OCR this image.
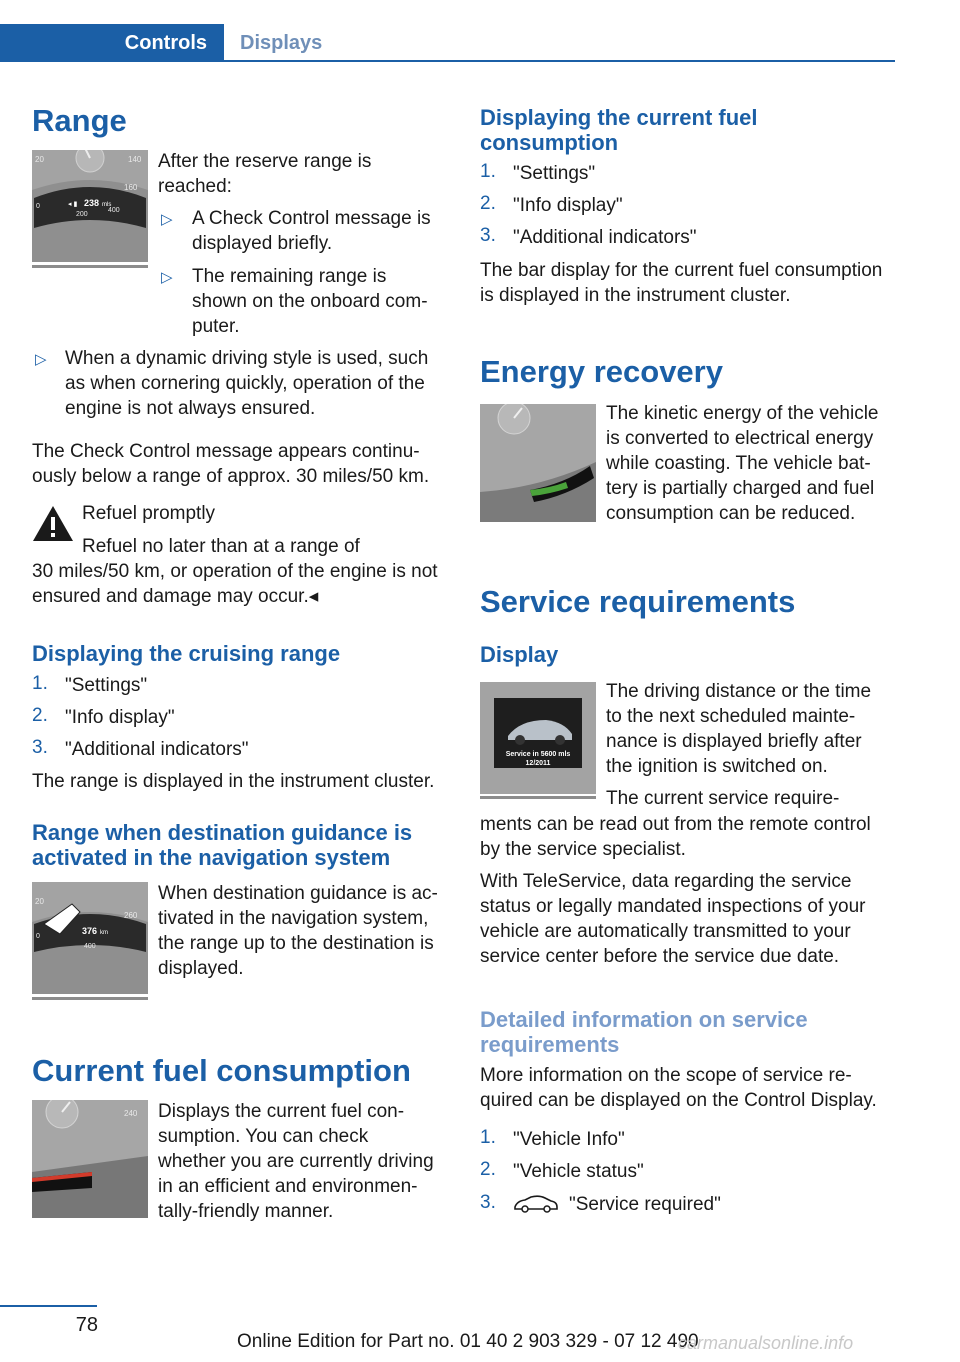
Controls	Displays
Range
20	140
160
0	◂ ▮ 238 mls
200
400
After the reserve range is
reached:
▷ A Check Control message is
displayed briefly.
▷ The remaining range is
shown on the onboard com-
puter.
▷ When a dynamic driving style is used, such
as when cornering quickly, operation of the
engine is not always ensured.
The Check Control message appears continu-
ously below a range of approx. 30 miles/50 km.
Refuel promptly
Refuel no later than at a range of
30 miles/50 km, or operation of the engine is not
ensured and damage may occur.◂
Displaying the cruising range
1. "Settings"
2. "Info display"
3. "Additional indicators"
The range is displayed in the instrument cluster.
Range when destination guidance is
activated in the navigation system
20
260
0
376 km
400
When destination guidance is ac-
tivated in the navigation system,
the range up to the destination is
displayed.
Current fuel consumption
240 Displays the current fuel con-
sumption. You can check
whether you are currently driving
in an efficient and environmen-
tally-friendly manner.
Displaying the current fuel
consumption
1. "Settings"
2. "Info display"
3. "Additional indicators"
The bar display for the current fuel consumption
is displayed in the instrument cluster.
Energy recovery
The kinetic energy of the vehicle
is converted to electrical energy
while coasting. The vehicle bat-
tery is partially charged and fuel
consumption can be reduced.
Service requirements
Display
Service in 5600 mls
12/2011
The driving distance or the time
to the next scheduled mainte-
nance is displayed briefly after
the ignition is switched on.
The current service require-
ments can be read out from the remote control
by the service specialist.
With TeleService, data regarding the service
status or legally mandated inspections of your
vehicle are automatically transmitted to your
service center before the service due date.
Detailed information on service
requirements
More information on the scope of service re-
quired can be displayed on the Control Display.
1. "Vehicle Info"
2. "Vehicle status"
3.	"Service required"
78
Online Edition for Part no. 01 40 2 903 329 - 07 12 490
carmanualsonline.info
